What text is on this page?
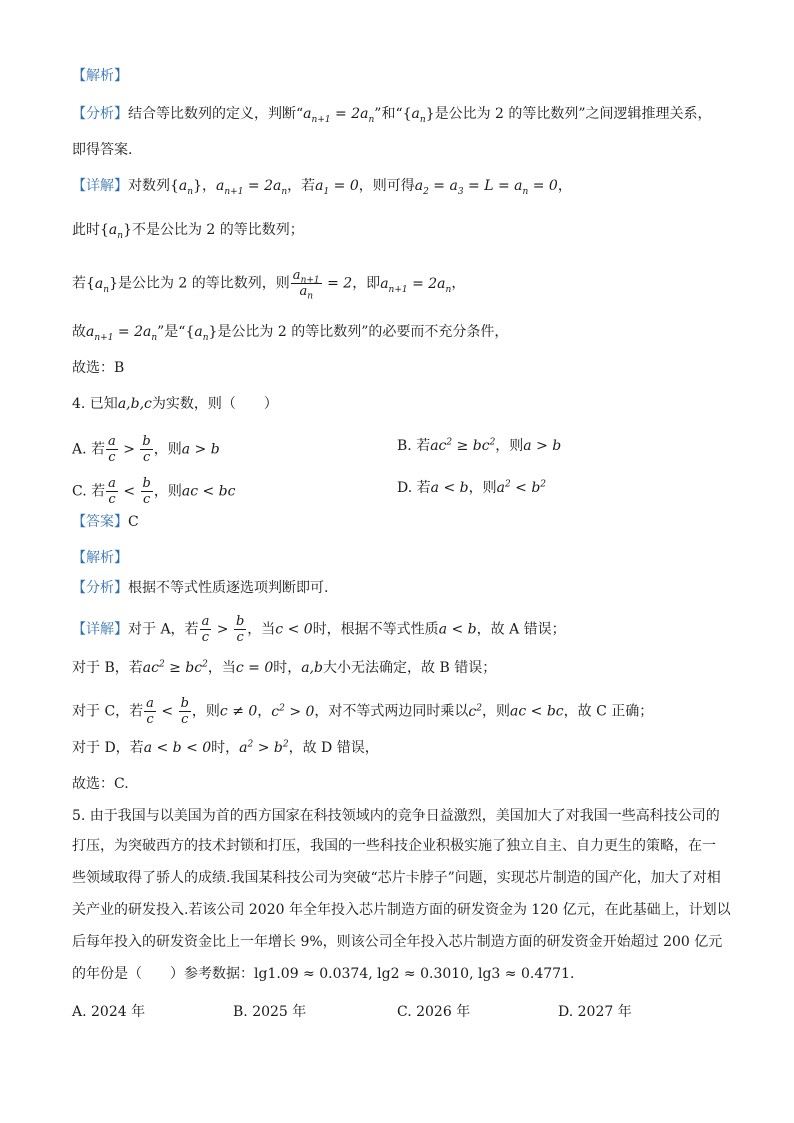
【解析】
【分析】结合等比数列的定义，判断“$a_{n+1} = 2a_n$”和“$\{a_n\}$是公比为 2 的等比数列”之间逻辑推理关系，
即得答案.
【详解】对数列$\{a_n\}$，$a_{n+1} = 2a_n$，若$a_1 = 0$，则可得$a_2 = a_3 = L = a_n = 0$，
此时$\{a_n\}$不是公比为 2 的等比数列；
若$\{a_n\}$是公比为 2 的等比数列，则 $\frac{a_{n+1}}{a_n} = 2$，即$a_{n+1} = 2a_n$，
故$a_{n+1} = 2a_n$”是“$\{a_n\}$是公比为 2 的等比数列”的必要而不充分条件，
故选：B
4. 已知a,b,c为实数，则（　　）
A. 若 $\frac{a}{c} > \frac{b}{c}$ ，则a > b	B. 若$ac^2 \ge bc^2$，则a > b
C. 若 $\frac{a}{c} < \frac{b}{c}$ ，则ac < bc	D. 若a < b，则$a^2 < b^2$
【答案】C
【解析】
【分析】根据不等式性质逐选项判断即可.
【详解】对于 A，若 $\frac{a}{c} > \frac{b}{c}$ ，当c < 0时，根据不等式性质a < b，故 A 错误；
对于 B，若$ac^2 \ge bc^2$，当c = 0时，a,b大小无法确定，故 B 错误；
对于 C，若 $\frac{a}{c} < \frac{b}{c}$ ，则c ≠ 0，$c^2 > 0$，对不等式两边同时乘以$c^2$，则ac < bc，故 C 正确；
对于 D，若a < b < 0时，$a^2 > b^2$，故 D 错误，
故选：C.
5. 由于我国与以美国为首的西方国家在科技领域内的竞争日益激烈，美国加大了对我国一些高科技公司的
打压，为突破西方的技术封锁和打压，我国的一些科技企业积极实施了独立自主、自力更生的策略，在一
些领域取得了骄人的成绩.我国某科技公司为突破“芯片卡脖子”问题，实现芯片制造的国产化，加大了对相
关产业的研发投入.若该公司 2020 年全年投入芯片制造方面的研发资金为 120 亿元，在此基础上，计划以
后每年投入的研发资金比上一年增长 9%，则该公司全年投入芯片制造方面的研发资金开始超过 200 亿元
的年份是（　　）参考数据：lg1.09 ≈ 0.0374, lg2 ≈ 0.3010, lg3 ≈ 0.4771.
A. 2024 年	B. 2025 年	C. 2026 年	D. 2027 年
